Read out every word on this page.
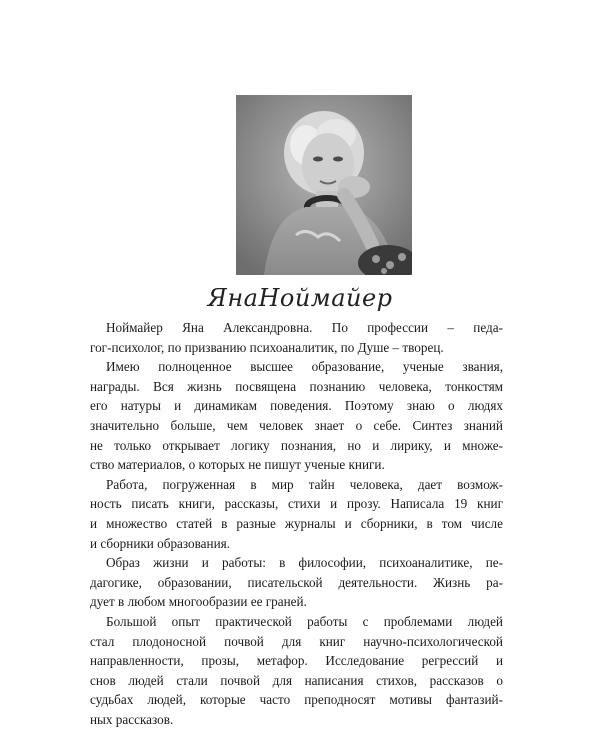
ЯнаНоймайер
Ноймайер Яна Александровна. По профессии – педа-
гог-психолог, по призванию психоаналитик, по Душе – творец.
Имею полноценное высшее образование, ученые звания,
награды. Вся жизнь посвящена познанию человека, тонкостям
его натуры и динамикам поведения. Поэтому знаю о людях
значительно больше, чем человек знает о себе. Синтез знаний
не только открывает логику познания, но и лирику, и множе-
ство материалов, о которых не пишут ученые книги.
Работа, погруженная в мир тайн человека, дает возмож-
ность писать книги, рассказы, стихи и прозу. Написала 19 книг
и множество статей в разные журналы и сборники, в том числе
и сборники образования.
Образ жизни и работы: в философии, психоаналитике, пе-
дагогике, образовании, писательской деятельности. Жизнь ра-
дует в любом многообразии ее граней.
Большой опыт практической работы с проблемами людей
стал плодоносной почвой для книг научно-психологической
направленности, прозы, метафор. Исследование регрессий и
снов людей стали почвой для написания стихов, рассказов о
судьбах людей, которые часто преподносят мотивы фантазий-
ных рассказов.
